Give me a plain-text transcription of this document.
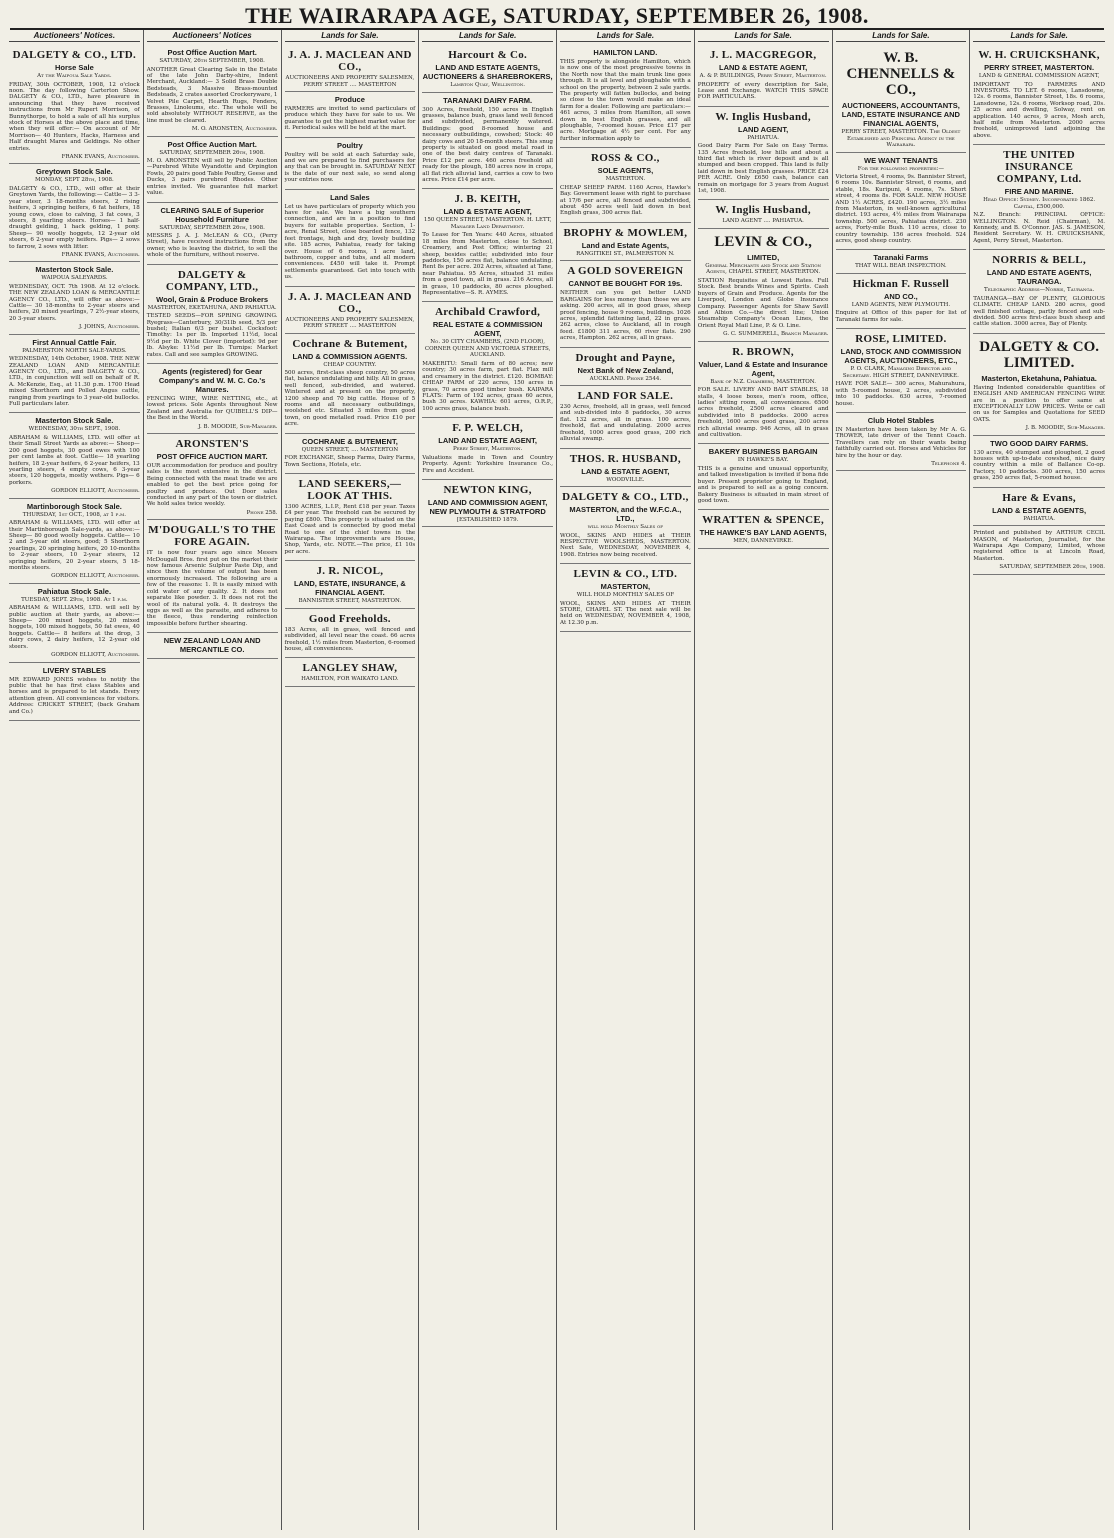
THE WAIRARAPA AGE, SATURDAY, SEPTEMBER 26, 1908.
Auctioneers' Notices.
DALGETY & CO., LTD.
Horse Sale
At the Waipoua Sale Yards.
FRIDAY, 30th OCTOBER, 1908, 12 o'clock noon. The day following Carterton Show. DALGETY & CO., LTD., have pleasure in announcing that they have received instructions from Mr Rupert Morrison, of Bunnythorpe, to hold a sale of all his surplus stock of Horses at the above place and time, when they will offer:— On account of Mr Morrison— 40 Hunters, Hacks, Harness and Half draught Mares and Geldings. No other entries.
FRANK EVANS, Auctioneer.
Greytown Stock Sale.
MONDAY, SEPT 28th, 1908.
DALGETY & CO., LTD., will offer at their Greytown Yards, the following:— Cattle— 3 3-year steer, 3 18-months steers, 2 rising heifers, 3 springing heifers, 6 fat heifers, 18 young cows, close to calving, 3 fat cows, 3 steers, 8 yearling steers. Horses— 1 half-draught gelding, 1 hack gelding, 1 pony. Sheep— 90 woolly hoggets, 12 2-year old steers, 6 2-year empty heifers. Pigs— 2 sows to farrow, 2 sows with litter.
FRANK EVANS, Auctioneer.
Masterton Stock Sale.
WAIPOUA SALEYARDS.
WEDNESDAY, OCT. 7th 1908. At 12 o'clock. THE NEW ZEALAND LOAN & MERCANTILE AGENCY CO., LTD., will offer as above:— Cattle— 30 18-months to 2-year steers and heifers, 20 mixed yearlings, 7 2½-year steers, 20 3-year steers.
J. JOHNS, Auctioneer.
First Annual Cattle Fair.
PALMERSTON NORTH SALE-YARDS.
WEDNESDAY, 14th October, 1908. THE NEW ZEALAND LOAN AND MERCANTILE AGENCY CO., LTD., and DALGETY & CO., LTD., in conjunction will sell on behalf of R. A. McKenzie, Esq., at 11.30 p.m. 1700 Head mixed Shorthorn and Polled Angus cattle, ranging from yearlings to 3 year-old bullocks. Full particulars later.
Masterton Stock Sale.
WEDNESDAY, 30th SEPT., 1908.
ABRAHAM & WILLIAMS, LTD. will offer at their Small Street Yards as above:— Sheep— 200 good hoggets, 30 good ewes with 100 per cent lambs at foot. Cattle— 18 yearling heifers, 18 2-year heifers, 6 2-year heifers, 13 yearling steers, 4 empty cows, 6 3-year steers, 120 hoggets, mostly wethers. Pigs— 6 porkers.
GORDON ELLIOTT, Auctioneer.
Martinborough Stock Sale.
THURSDAY, 1st OCT., 1908, at 1 p.m.
ABRAHAM & WILLIAMS, LTD. will offer at their Martinborough Sale-yards, as above:— Sheep— 80 good woolly hoggets. Cattle— 10 2 and 3-year old steers, good; 5 Shorthorn yearlings, 20 springing heifers, 20 10-months to 2-year steers, 10 2-year steers, 12 springing heifers, 20 2-year steers, 5 18-months steers.
GORDON ELLIOTT, Auctioneer.
Pahiatua Stock Sale.
TUESDAY, SEPT. 29th, 1908. At 1 p.m.
ABRAHAM & WILLIAMS, LTD. will sell by public auction at their yards, as above:— Sheep— 200 mixed hoggets, 20 mixed hoggets, 100 mixed hoggets, 50 fat ewes, 40 hoggets. Cattle— 8 heifers at the drop, 3 dairy cows, 2 dairy heifers, 12 2-year old steers.
GORDON ELLIOTT, Auctioneer.
LIVERY STABLES
MR EDWARD JONES wishes to notify the public that he has first class Stables and horses and is prepared to let stands. Every attention given. All conveniences for visitors. Address: CRICKET STREET, (back Graham and Co.)
Auctioneers' Notices
Post Office Auction Mart.
SATURDAY, 26th SEPTEMBER, 1908.
ANOTHER Great Clearing Sale in the Estate of the late John Darby-shire, Indent Merchant, Auckland:— 3 Solid Brass Double Bedsteads, 3 Massive Brass-mounted Bedsteads, 2 crates assorted Crockeryware, 1 Velvet Pile Carpet, Hearth Rugs, Fenders, Brasses, Linoleums, etc. The whole will be sold absolutely WITHOUT RESERVE, as the line must be cleared.
M. O. ARONSTEN, Auctioneer.
Post Office Auction Mart.
SATURDAY, SEPTEMBER 26th, 1908.
M. O. ARONSTEN will sell by Public Auction—Purebred White Wyandotte and Orpington Fowls, 20 pairs good Table Poultry, Geese and Ducks, 3 pairs purebred Rhodes. Other entries invited. We guarantee full market value.
CLEARING SALE of Superior Household Furniture
SATURDAY, SEPTEMBER 26th, 1908.
MESSRS J. A. J. McLEAN & CO., (Perry Street), have received instructions from the owner, who is leaving the district, to sell the whole of the furniture, without reserve.
DALGETY & COMPANY, LTD.,
Wool, Grain & Produce Brokers
MASTERTON, EKETAHUNA, AND PAHIATUA.
TESTED SEEDS—FOR SPRING GROWING. Ryegrass—Canterbury, 30/31lb seed, 5/3 per bushel; Italian 6/3 per bushel. Cocksfoot: Timothy: 1s per lb. Imported 11½d, local 9½d per lb. White Clover (imported): 9d per lb. Alsyke: 11½d per lb. Turnips: Market rates. Call and see samples GROWING.
Agents (registered) for Gear Company's and W. M. C. Co.'s Manures.
FENCING WIRE, WIRE NETTING, etc., at lowest prices. Sole Agents throughout New Zealand and Australia for QUIBELL'S DIP—the Best in the World.
J. B. MOODIE, Sub-Manager.
ARONSTEN'S
POST OFFICE AUCTION MART.
OUR accommodation for produce and poultry sales is the most extensive in the district. Being connected with the meat trade we are enabled to get the best price going for poultry and produce. Out Door sales conducted in any part of the town or district. We hold sales twice weekly.
Phone 258.
M'DOUGALL'S TO THE FORE AGAIN.
IT is now four years ago since Messrs McDougall Bros. first put on the market their now famous Arsenic Sulphur Paste Dip, and since then the volume of output has been enormously increased. The following are a few of the reasons: 1. It is easily mixed with cold water of any quality. 2. It does not separate like powder. 3. It does not rot the wool of its natural yolk. 4. It destroys the eggs as well as the parasite, and adheres to the fleece, thus rendering reinfection impossible before further shearing.
NEW ZEALAND LOAN AND MERCANTILE CO.
Lands for Sale.
J. A. J. MACLEAN AND CO.,
AUCTIONEERS AND PROPERTY SALESMEN, PERRY STREET .... MASTERTON
Produce
FARMERS are invited to send particulars of produce which they have for sale to us. We guarantee to get the highest market value for it. Periodical sales will be held at the mart.
Poultry
Poultry will be sold at each Saturday sale, and we are prepared to find purchasers for any that can be brought in. SATURDAY NEXT is the date of our next sale, so send along your entries now.
Land Sales
Let us have particulars of property which you have for sale. We have a big southern connection, and are in a position to find buyers for suitable properties. Section, 1-acre, Renal Street, close boarded fence, 132 feet frontage, high and dry, lovely building site. 185 acres, Pahiatua, ready for taking over. House of 6 rooms, 1 acre land, bathroom, copper and tubs, and all modern conveniences. £450 will take it. Prompt settlements guaranteed. Get into touch with us.
J. A. J. MACLEAN AND CO.,
AUCTIONEERS AND PROPERTY SALESMEN, PERRY STREET .... MASTERTON
Cochrane & Butement,
LAND & COMMISSION AGENTS.
CHEAP COUNTRY.
500 acres, first-class sheep country, 50 acres flat, balance undulating and hilly. All in grass, well fenced, sub-divided, and watered. Wintered and at present on the property, 1200 sheep and 70 big cattle. House of 5 rooms and all necessary outbuildings, woolshed etc. Situated 3 miles from good town, on good metalled road. Price £10 per acre.
COCHRANE & BUTEMENT,
QUEEN STREET, .... MASTERTON
FOR EXCHANGE, Sheep Farms, Dairy Farms, Town Sections, Hotels, etc.
LAND SEEKERS,— LOOK AT THIS.
1300 ACRES, L.I.P., Rent £18 per year. Taxes £4 per year. The freehold can be secured by paying £800. This property is situated on the East Coast and is connected by good metal Road to one of the chief towns in the Wairarapa. The improvements are House, Shop, Yards, etc. NOTE.—The price, £1 10s per acre.
J. R. NICOL,
LAND, ESTATE, INSURANCE, & FINANCIAL AGENT.
BANNISTER STREET, MASTERTON.
Good Freeholds.
183 Acres, all in grass, well fenced and subdivided, all level near the coast. 66 acres freehold, 1½ miles from Masterton, 6-roomed house, all conveniences.
LANGLEY SHAW,
HAMILTON, FOR WAIKATO LAND.
Lands for Sale.
Harcourt & Co.
LAND AND ESTATE AGENTS, AUCTIONEERS & SHAREBROKERS,
Lambton Quay, Wellington.
TARANAKI DAIRY FARM.
300 Acres, freehold, 150 acres in English grasses, balance bush, grass land well fenced and subdivided, permanently watered. Buildings: good 8-roomed house and necessary outbuildings, cowshed; Stock: 40 dairy cows and 20 18-month steers. This snug property is situated on good metal road in one of the best dairy centres of Taranaki. Price £12 per acre. 460 acres freehold all ready for the plough, 180 acres now in crops, all flat rich alluvial land, carries a cow to two acres. Price £14 per acre.
J. B. KEITH,
LAND & ESTATE AGENT,
150 QUEEN STREET, MASTERTON. H. LETT, Manager Land Department.
To Lease for Ten Years: 440 Acres, situated 18 miles from Masterton, close to School, Creamery, and Post Office; wintering 21 sheep, besides cattle; subdivided into four paddocks, 150 acres flat, balance undulating. Rent 8s per acre. 202 Acres, situated at Tane, near Pahiatua. 95 Acres, situated 31 miles from a good town, all in grass. 216 Acres, all in grass, 10 paddocks, 80 acres ploughed. Representative—S. R. AYMES.
Archibald Crawford,
REAL ESTATE & COMMISSION AGENT,
No. 30 CITY CHAMBERS, (2ND FLOOR), CORNER QUEEN AND VICTORIA STREETS, AUCKLAND.
MAKERITU: Small farm of 80 acres; new country; 30 acres farm, part flat. Flax mill and creamery in the district. £120. BOMBAY: CHEAP FARM of 220 acres, 150 acres in grass, 70 acres good timber bush. KAIPARA FLATS: Farm of 192 acres, grass 60 acres, bush 30 acres. KAWHIA: 601 acres, O.R.P., 100 acres grass, balance bush.
F. P. WELCH,
LAND AND ESTATE AGENT,
Perry Street, Masterton.
Valuations made in Town and Country Property. Agent: Yorkshire Insurance Co., Fire and Accident.
NEWTON KING,
LAND AND COMMISSION AGENT, NEW PLYMOUTH & STRATFORD
[ESTABLISHED 1879.
Lands for Sale.
HAMILTON LAND.
THIS property is alongside Hamilton, which is now one of the most progressive towns in the North now that the main trunk line goes through. It is all level and ploughable with a school on the property, between 2 sale yards. The property will fatten bullocks, and being so close to the town would make an ideal farm for a dealer. Following are particulars:— 461 acres, 3 miles from Hamilton, all sown down in best English grasses, and all ploughable, 7-roomed house. Price £17 per acre. Mortgage at 4½ per cent. For any further information apply to
ROSS & CO.,
SOLE AGENTS,
MASTERTON.
CHEAP SHEEP FARM. 1160 Acres, Hawke's Bay. Government lease with right to purchase at 17/6 per acre, all fenced and subdivided, about 450 acres well laid down in best English grass, 300 acres flat.
BROPHY & MOWLEM,
Land and Estate Agents,
RANGITIKEI ST., PALMERSTON N.
A GOLD SOVEREIGN
CANNOT BE BOUGHT FOR 19s.
NEITHER can you get better LAND BARGAINS for less money than those we are asking. 200 acres, all in good grass, sheep proof fencing, house 9 rooms, buildings. 1026 acres, splendid fattening land, 22 in grass. 262 acres, close to Auckland, all in rough feed. £1800 311 acres, 60 river flats. 290 acres, Hampton. 262 acres, all in grass.
Drought and Payne,
Next Bank of New Zealand,
AUCKLAND. Phone 2544.
LAND FOR SALE.
230 Acres, freehold, all in grass, well fenced and sub-divided into 8 paddocks, 30 acres flat. 132 acres, all in grass. 100 acres, freehold, flat and undulating. 2000 acres freehold, 1000 acres good grass, 200 rich alluvial swamp.
THOS. R. HUSBAND,
LAND & ESTATE AGENT,
WOODVILLE.
DALGETY & CO., LTD.,
MASTERTON, and the W.F.C.A., LTD.,
will hold Monthly Sales of
WOOL, SKINS AND HIDES at THEIR RESPECTIVE WOOLSHEDS, MASTERTON. Next Sale, WEDNESDAY, NOVEMBER 4, 1908. Entries now being received.
LEVIN & CO., LTD.
MASTERTON,
WILL HOLD MONTHLY SALES OF
WOOL, SKINS AND HIDES AT THEIR STORE, CHAPEL ST. The next sale will be held on WEDNESDAY, NOVEMBER 4, 1908, At 12.30 p.m.
Lands for Sale.
J. L. MACGREGOR,
LAND & ESTATE AGENT,
A. & P. BUILDINGS, Perry Street, Masterton.
PROPERTY of every description for Sale, Lease and Exchange. WATCH THIS SPACE FOR PARTICULARS.
W. Inglis Husband,
LAND AGENT,
PAHIATUA.
Good Dairy Farm For Sale on Easy Terms. 135 Acres freehold, low hills and about a third flat which is river deposit and is all stumped and been cropped. This land is fully laid down in best English grasses. PRICE £24 PER ACRE. Only £650 cash, balance can remain on mortgage for 3 years from August 1st, 1908.
W. Inglis Husband,
LAND AGENT .... PAHIATUA.
LEVIN & CO.,
LIMITED,
General Merchants and Stock and Station Agents, CHAPEL STREET, MASTERTON.
STATION Requisites at Lowest Rates. Full Stock. Best brands Wines and Spirits. Cash buyers of Grain and Produce. Agents for the Liverpool, London and Globe Insurance Company. Passenger Agents for Shaw Savill and Albion Co.—the direct line; Union Steamship Company's Ocean Lines, the Orient Royal Mail Line, P. & O. Line.
G. C. SUMMERELL, Branch Manager.
R. BROWN,
Valuer, Land & Estate and Insurance Agent,
Bank of N.Z. Chambers, MASTERTON.
FOR SALE. LIVERY AND BAIT STABLES, 18 stalls, 4 loose boxes, men's room, office, ladies' sitting room, all conveniences. 6500 acres freehold, 2500 acres cleared and subdivided into 8 paddocks. 2000 acres freehold, 1600 acres good grass, 200 acres rich alluvial swamp. 946 Acres, all in grass and cultivation.
BAKERY BUSINESS BARGAIN
IN HAWKE'S BAY.
THIS is a genuine and unusual opportunity, and talked investigation is invited if bona fide buyer. Present proprietor going to England, and is prepared to sell as a going concern. Bakery Business is situated in main street of good town.
WRATTEN & SPENCE,
THE HAWKE'S BAY LAND AGENTS,
MEN, DANNEVIRKE.
Lands for Sale.
W. B. CHENNELLS & CO.,
AUCTIONEERS, ACCOUNTANTS, LAND, ESTATE INSURANCE AND FINANCIAL AGENTS,
PERRY STREET, MASTERTON. The Oldest Established and Principal Agency in the Wairarapa.
WE WANT TENANTS
For the following properties:—
Victoria Street, 4 rooms, 9s. Bannister Street, 6 rooms 10s. Bannister Street, 6 rooms, and stable, 18s. Kuripuni, 4 rooms, 7s. Short street, 4 rooms 8s. FOR SALE. NEW HOUSE AND 1½ ACRES, £420. 190 acres, 3½ miles from Masterton, in well-known agricultural district. 193 acres, 4½ miles from Wairarapa township. 500 acres, Pahiatua district. 230 acres, Forty-mile Bush. 110 acres, close to country township. 156 acres freehold. 524 acres, good sheep country.
Taranaki Farms
THAT WILL BEAR INSPECTION.
Hickman F. Russell
AND CO.,
LAND AGENTS, NEW PLYMOUTH.
Enquire at Office of this paper for list of Taranaki farms for sale.
ROSE, LIMITED.
LAND, STOCK AND COMMISSION AGENTS, AUCTIONEERS, ETC.,
P. O. CLARK, Managing Director and Secretary. HIGH STREET, DANNEVIRKE.
HAVE FOR SALE— 300 acres, Mahurahura, with 5-roomed house, 2 acres, subdivided into 10 paddocks. 630 acres, 7-roomed house.
Club Hotel Stables
IN Masterton have been taken by Mr A. G. TROWER, late driver of the Tennt Coach. Travellers can rely on their wants being faithfully carried out. Horses and Vehicles for hire by the hour or day.
Telephone 4.
Lands for Sale.
W. H. CRUICKSHANK,
PERRY STREET, MASTERTON.
LAND & GENERAL COMMISSION AGENT,
IMPORTANT TO FARMERS AND INVESTORS. TO LET. 6 rooms, Lansdowne, 12s. 6 rooms, Bannister Street, 18s. 6 rooms, Lansdowne, 12s. 6 rooms, Worksop road, 20s. 25 acres and dwelling, Solway, rent on application. 140 acres, 9 acres, Mosh arch, half mile from Masterton. 2000 acres freehold, unimproved land adjoining the above.
THE UNITED INSURANCE COMPANY, Ltd.
FIRE AND MARINE.
Head Office: Sydney. Incorporated 1862. Capital, £500,000.
N.Z. Branch: PRINCIPAL OFFICE: WELLINGTON. N. Reid (Chairman), M. Kennedy, and B. O'Connor. JAS. S. JAMESON, Resident Secretary. W. H. CRUICKSHANK, Agent, Perry Street, Masterton.
NORRIS & BELL,
LAND AND ESTATE AGENTS, TAURANGA.
Telegraphic Address—Norris, Tauranga.
TAURANGA—BAY OF PLENTY, GLORIOUS CLIMATE. CHEAP LAND. 280 acres, good well finished cottage, partly fenced and sub-divided. 500 acres first-class bush sheep and cattle station. 3000 acres, Bay of Plenty.
DALGETY & CO. LIMITED.
Masterton, Eketahuna, Pahiatua.
Having Indented considerable quantities of ENGLISH AND AMERICAN FENCING WIRE are in a position to offer same at EXCEPTIONALLY LOW PRICES. Write or call on us for Samples and Quotations for SEED OATS.
J. B. MOODIE, Sub-Manager.
TWO GOOD DAIRY FARMS.
130 acres, 40 stumped and ploughed, 2 good houses with up-to-date cowshed, nice dairy country within a mile of Ballance Co-op. Factory, 10 paddocks. 300 acres, 150 acres grass, 250 acres flat, 5-roomed house.
Hare & Evans,
LAND & ESTATE AGENTS,
PAHIATUA.
Printed and published by ARTHUR CECIL MASON, of Masterton, Journalist, for the Wairarapa Age Company, Limited, whose registered office is at Lincoln Road, Masterton.
SATURDAY, SEPTEMBER 26th, 1908.
